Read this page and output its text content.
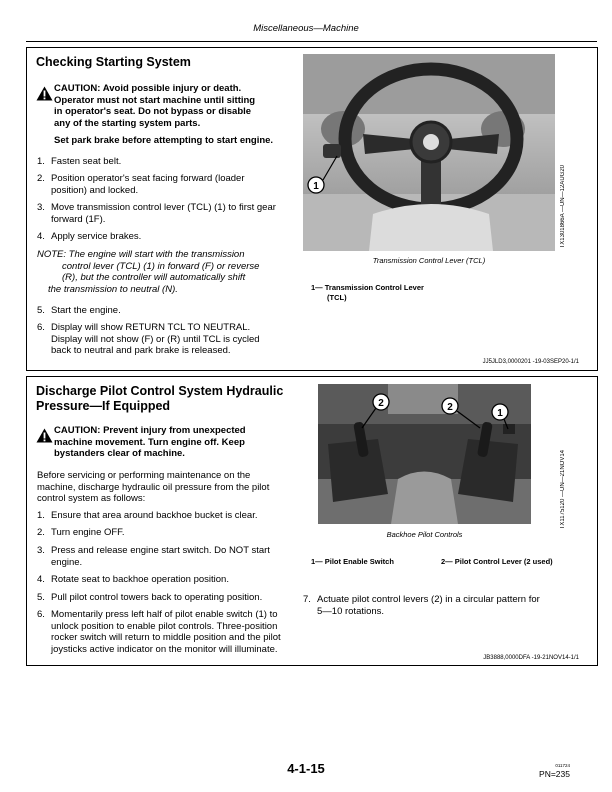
Miscellaneous—Machine
Checking Starting System
CAUTION: Avoid possible injury or death.
Operator must not start machine until sitting
in operator's seat. Do not bypass or disable
any of the starting system parts.
Set park brake before attempting to start engine.
1. Fasten seat belt.
2. Position operator's seat facing forward (loader
position) and locked.
3. Move transmission control lever (TCL) (1) to first gear
forward (1F).
4. Apply service brakes.
NOTE: The engine will start with the transmission
control lever (TCL) (1) in forward (F) or reverse
(R), but the controller will automatically shift
the transmission to neutral (N).
5. Start the engine.
6. Display will show RETURN TCL TO NEUTRAL.
Display will not show (F) or (R) until TCL is cycled
back to neutral and park brake is released.
1	TX1301866A —UN—12AUG20
Transmission Control Lever (TCL)
1— Transmission Control Lever
(TCL)
JJ5JLD3,0000201 -19-03SEP20-1/1
Discharge Pilot Control System Hydraulic
Pressure—If Equipped
CAUTION: Prevent injury from unexpected
machine movement. Turn engine off. Keep
bystanders clear of machine.
Before servicing or performing maintenance on the
machine, discharge hydraulic oil pressure from the pilot
control system as follows:
1. Ensure that area around backhoe bucket is clear.
2. Turn engine OFF.
3. Press and release engine start switch. Do NOT start
engine.
4. Rotate seat to backhoe operation position.
5. Pull pilot control towers back to operating position.
6. Momentarily press left half of pilot enable switch (1) to
unlock position to enable pilot controls. Three-position
rocker switch will return to middle position and the pilot
joysticks active indicator on the monitor will illuminate.
2	2
1
TX1175120 —UN—21NOV14
Backhoe Pilot Controls
1— Pilot Enable Switch	2— Pilot Control Lever (2 used)
7. Actuate pilot control levers (2) in a circular pattern for
5—10 rotations.
JB3888,0000DFA -19-21NOV14-1/1
4-1-15	011724
PN=235
